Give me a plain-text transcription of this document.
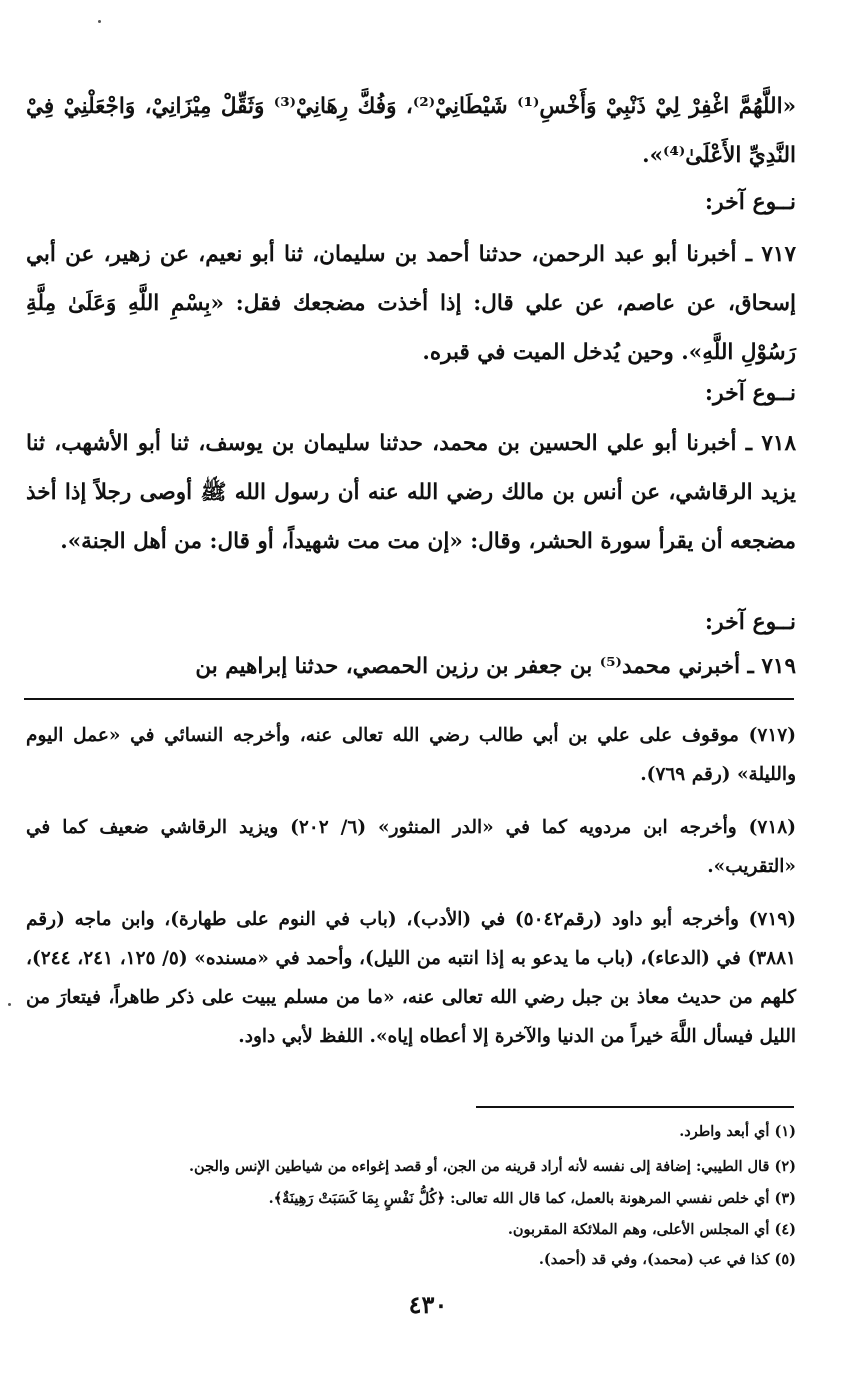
«اللَّهُمَّ اغْفِرْ لِيْ ذَنْبِيْ وَأَخْسِ⁽¹⁾ شَيْطَانِيْ⁽²⁾، وَفُكَّ رِهَانِيْ⁽³⁾ وَثَقِّلْ مِيْزَانِيْ، وَاجْعَلْنِيْ فِيْ النَّدِيِّ الأَعْلَىٰ⁽⁴⁾».
نــوع آخر:
٧١٧ ـ أخبرنا أبو عبد الرحمن، حدثنا أحمد بن سليمان، ثنا أبو نعيم، عن زهير، عن أبي إسحاق، عن عاصم، عن علي قال: إذا أخذت مضجعك فقل: «بِسْمِ اللَّهِ وَعَلَىٰ مِلَّةِ رَسُوْلِ اللَّهِ». وحين يُدخل الميت في قبره.
نــوع آخر:
٧١٨ ـ أخبرنا أبو علي الحسين بن محمد، حدثنا سليمان بن يوسف، ثنا أبو الأشهب، ثنا يزيد الرقاشي، عن أنس بن مالك رضي الله عنه أن رسول الله ﷺ أوصى رجلاً إذا أخذ مضجعه أن يقرأ سورة الحشر، وقال: «إن مت مت شهيداً، أو قال: من أهل الجنة».
نــوع آخر:
٧١٩ ـ أخبرني محمد⁽⁵⁾ بن جعفر بن رزين الحمصي، حدثنا إبراهيم بن
(٧١٧) موقوف على علي بن أبي طالب رضي الله تعالى عنه، وأخرجه النسائي في «عمل اليوم والليلة» (رقم ٧٦٩).
(٧١٨) وأخرجه ابن مردويه كما في «الدر المنثور» (٦/ ٢٠٢) ويزيد الرقاشي ضعيف كما في «التقريب».
(٧١٩) وأخرجه أبو داود (رقم٥٠٤٢) في (الأدب)، (باب في النوم على طهارة)، وابن ماجه (رقم ٣٨٨١) في (الدعاء)، (باب ما يدعو به إذا انتبه من الليل)، وأحمد في «مسنده» (٥/ ١٢٥، ٢٤١، ٢٤٤)، كلهم من حديث معاذ بن جبل رضي الله تعالى عنه، «ما من مسلم يبيت على ذكر طاهراً، فيتعارَ من الليل فيسأل اللَّهَ خيراً من الدنيا والآخرة إلا أعطاه إياه». اللفظ لأبي داود.
(١) أي أبعد واطرد.
(٢) قال الطيبي: إضافة إلى نفسه لأنه أراد قرينه من الجن، أو قصد إغواءه من شياطين الإنس والجن.
(٣) أي خلص نفسي المرهونة بالعمل، كما قال الله تعالى: ﴿كُلُّ نَفْسٍ بِمَا كَسَبَتْ رَهِينَةٌ﴾.
(٤) أي المجلس الأعلى، وهم الملائكة المقربون.
(٥) كذا في عب (محمد)، وفي قد (أحمد).
٤٣٠
